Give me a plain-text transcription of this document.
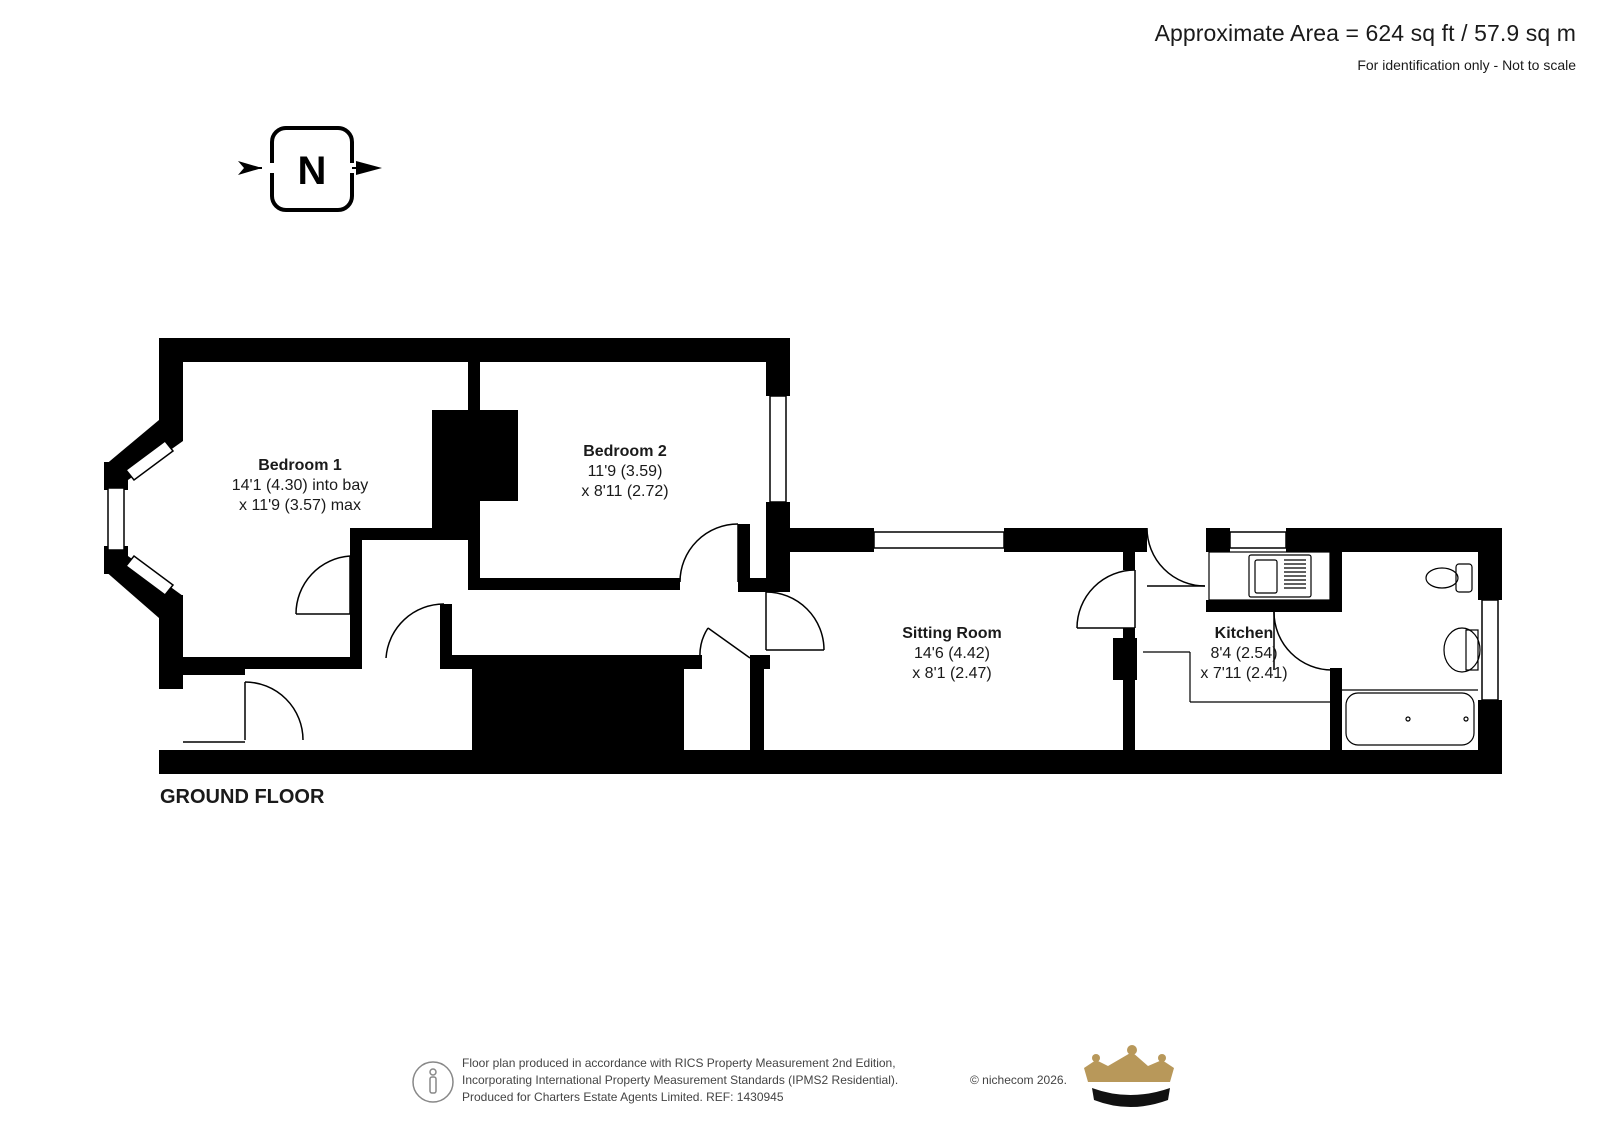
Approximate Area = 624 sq ft / 57.9 sq m
For identification only - Not to scale
N
Bedroom 1
14'1 (4.30) into bay
x 11'9 (3.57) max
Bedroom 2
11'9 (3.59)
x 8'11 (2.72)
Sitting Room
14'6 (4.42)
x 8'1 (2.47)
Kitchen
8'4 (2.54)
x 7'11 (2.41)
GROUND FLOOR
Floor plan produced in accordance with RICS Property Measurement 2nd Edition,
Incorporating International Property Measurement Standards (IPMS2 Residential).
Produced for Charters Estate Agents Limited. REF: 1430945
© nichecom 2026.
